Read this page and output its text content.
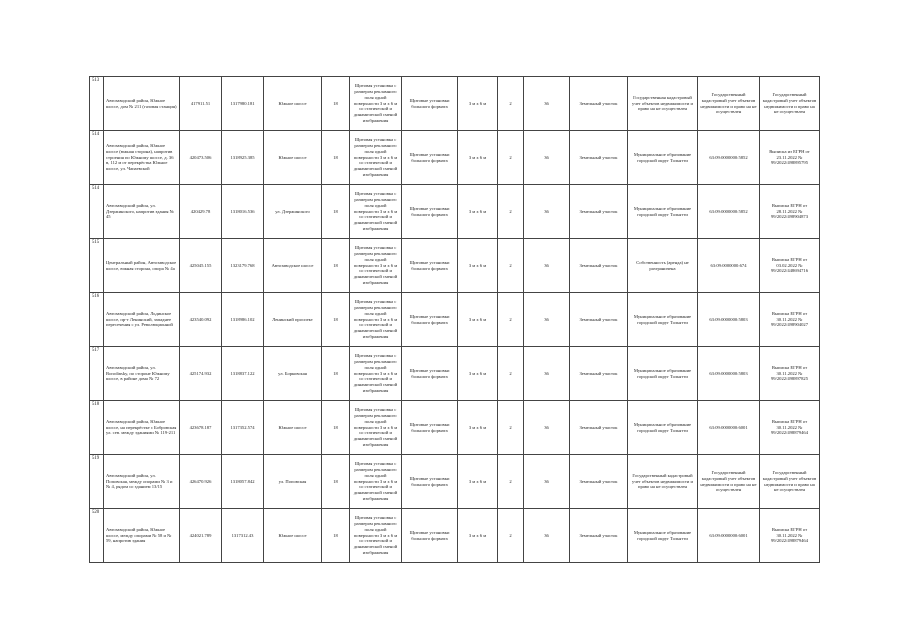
513	Автозаводский район, Южное шоссе, дом № 211 (газовая станция)	417911.51	1317980.181	Южное шоссе	18	Щитовая установка с размером рекламного поля одной поверхности 3 м х 6 м со статической и динамической сменой изображения	Щитовые установки большого формата	3 м х 6 м	2	36	Земельный участок	Государственная кадастровый учет объектов недвижимости и право на не осуществлен	Государственный кадастровый учет объектов недвижимости и право на не осуществлен	Государственный кадастровый учет объектов недвижимости и право на не осуществлен
514	Автозаводский район, Южное шоссе (южная сторона), напротив строения по Южному шоссе, д. 36 в, 112 м от перекрёстка Южное шоссе, ул. Чапаевской	420473.506	1318925.385	Южное шоссе	18	Щитовая установка с размером рекламного поля одной поверхности 3 м х 6 м со статической и динамической сменой изображения	Щитовые установки большого формата	3 м х 6 м	2	36	Земельный участок	Муниципальное образование городской округ Тольятти	63:09:0000000:5852	Выписка из ЕГРН от 23.11.2022 № 99/2022/498895795
514	Автозаводский район, ул. Дзержинского, напротив здания № 45	420429.78	1318016.536	ул. Дзержинского	18	Щитовая установка с размером рекламного поля одной поверхности 3 м х 6 м со статической и динамической сменой изображения	Щитовые установки большого формата	3 м х 6 м	2	36	Земельный участок	Муниципальное образование городской округ Тольятти	63:09:0000000:5852	Выписка ЕГРН от 28.11.2022 № 99/2022/498904873
515	Центральный район, Автозаводское шоссе, южная сторона, опора № 4а	425045.155	1323179.768	Автозаводское шоссе	18	Щитовая установка с размером рекламного поля одной поверхности 3 м х 6 м со статической и динамической сменой изображения	Щитовые установки большого формата	3 м х 6 м	2	36	Земельный участок	Собственность (аренда) не разграничена	63:09:0000000:674	Выписка ЕГРН от 03.02.2022 № 99/2022/448694716
516	Автозаводский район, Льдинское шоссе, пр-т Ленинский, западнее пересечения с ул. Революционной	423540.092	1318986.102	Ленинский проспект	18	Щитовая установка с размером рекламного поля одной поверхности 3 м х 6 м со статической и динамической сменой изображения	Щитовые установки большого формата	3 м х 6 м	2	36	Земельный участок	Муниципальное образование городской округ Тольятти	63:09:0000000:5803	Выписка ЕГРН от 30.11.2022 № 99/2022/498904027
517	Автозаводский район, ул. Borodinsky, по стороне Южному шоссе, в районе дома № 72	425174.932	1318837.122	ул. Борковская	18	Щитовая установка с размером рекламного поля одной поверхности 3 м х 6 м со статической и динамической сменой изображения	Щитовые установки большого формата	3 м х 6 м	2	36	Земельный участок	Муниципальное образование городской округ Тольятти	63:09:0000000:5803	Выписка ЕГРН от 30.11.2022 № 99/2022/498897825
518	Автозаводский район, Южное шоссе, на перекрёстке с Бобровская ул. сев. между зданиями № 119-211	423678.187	1317352.574	Южное шоссе	18	Щитовая установка с размером рекламного поля одной поверхности 3 м х 6 м со статической и динамической сменой изображения	Щитовые установки большого формата	3 м х 6 м	2	36	Земельный участок	Муниципальное образование городской округ Тольятти	63:09:0000000:6001	Выписка ЕГРН от 30.11.2022 № 99/2022/498879464
519	Автозаводский район, ул. Поповская, между опорами № 3 и № 4, рядом со зданием 13/15	426470.926	1318057.842	ул. Поповская	18	Щитовая установка с размером рекламного поля одной поверхности 3 м х 6 м со статической и динамической сменой изображения	Щитовые установки большого формата	3 м х 6 м	2	36	Земельный участок	Государственный кадастровый учет объектов недвижимости и право на не осуществлен	Государственный кадастровый учет объектов недвижимости и право на не осуществлен	Государственный кадастровый учет объектов недвижимости и право на не осуществлен
520	Автозаводский район, Южное шоссе, между опорами № 58 и № 59, напротив здания	424021.789	1317312.43	Южное шоссе	18	Щитовая установка с размером рекламного поля одной поверхности 3 м х 6 м со статической и динамической сменой изображения	Щитовые установки большого формата	3 м х 6 м	2	36	Земельный участок	Муниципальное образование городской округ Тольятти	63:09:0000000:6001	Выписка ЕГРН от 30.11.2022 № 99/2022/498879464
